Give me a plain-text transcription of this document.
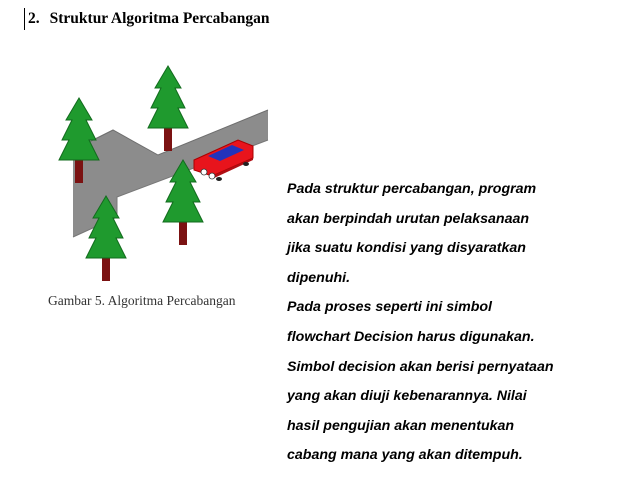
2. Struktur Algoritma Percabangan
Gambar 5. Algoritma Percabangan
Pada struktur percabangan, program
akan berpindah urutan pelaksanaan
jika suatu kondisi yang disyaratkan
dipenuhi.
Pada proses seperti ini simbol
flowchart Decision harus digunakan.
Simbol decision akan berisi pernyataan
yang akan diuji kebenarannya. Nilai
hasil pengujian akan menentukan
cabang mana yang akan ditempuh.
